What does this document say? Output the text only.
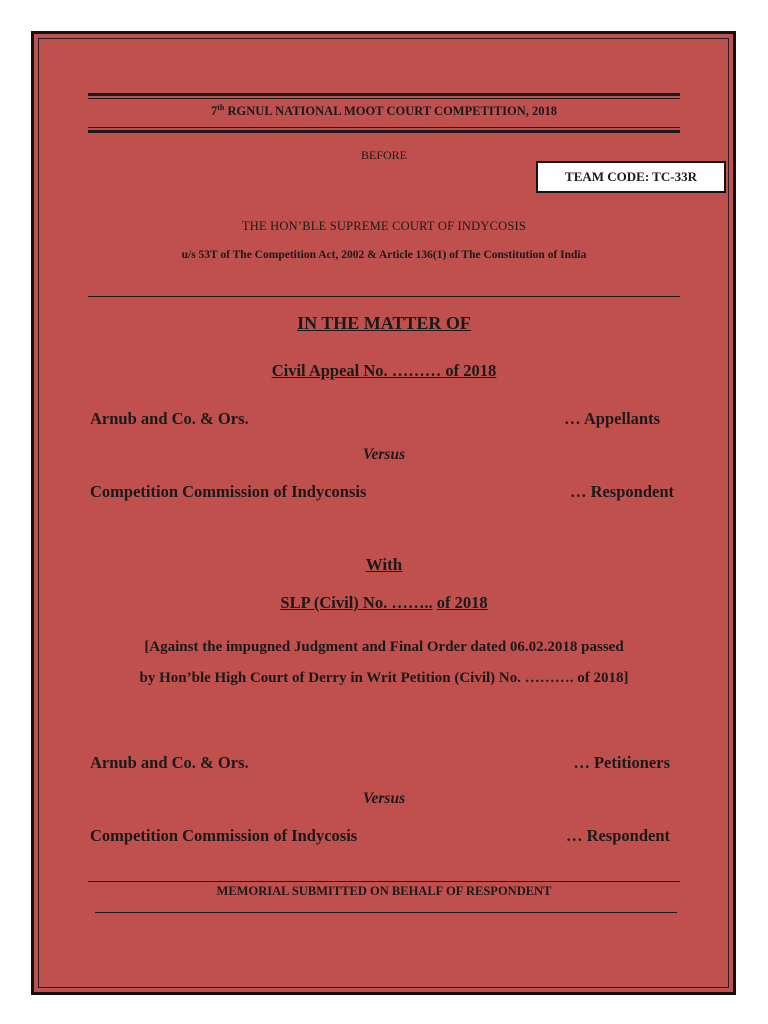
7th RGNUL NATIONAL MOOT COURT COMPETITION, 2018
BEFORE
TEAM CODE: TC-33R
THE HON’BLE SUPREME COURT OF INDYCOSIS
u/s 53T of The Competition Act, 2002 & Article 136(1) of The Constitution of India
IN THE MATTER OF
Civil Appeal No. ……… of 2018
Arnub and Co. & Ors.	… Appellants
Versus
Competition Commission of Indyconsis	… Respondent
With
SLP (Civil) No. …….. of 2018
[Against the impugned Judgment and Final Order dated 06.02.2018 passed
by Hon’ble High Court of Derry in Writ Petition (Civil) No. ………. of 2018]
Arnub and Co. & Ors.	… Petitioners
Versus
Competition Commission of Indycosis	… Respondent
MEMORIAL SUBMITTED ON BEHALF OF RESPONDENT
